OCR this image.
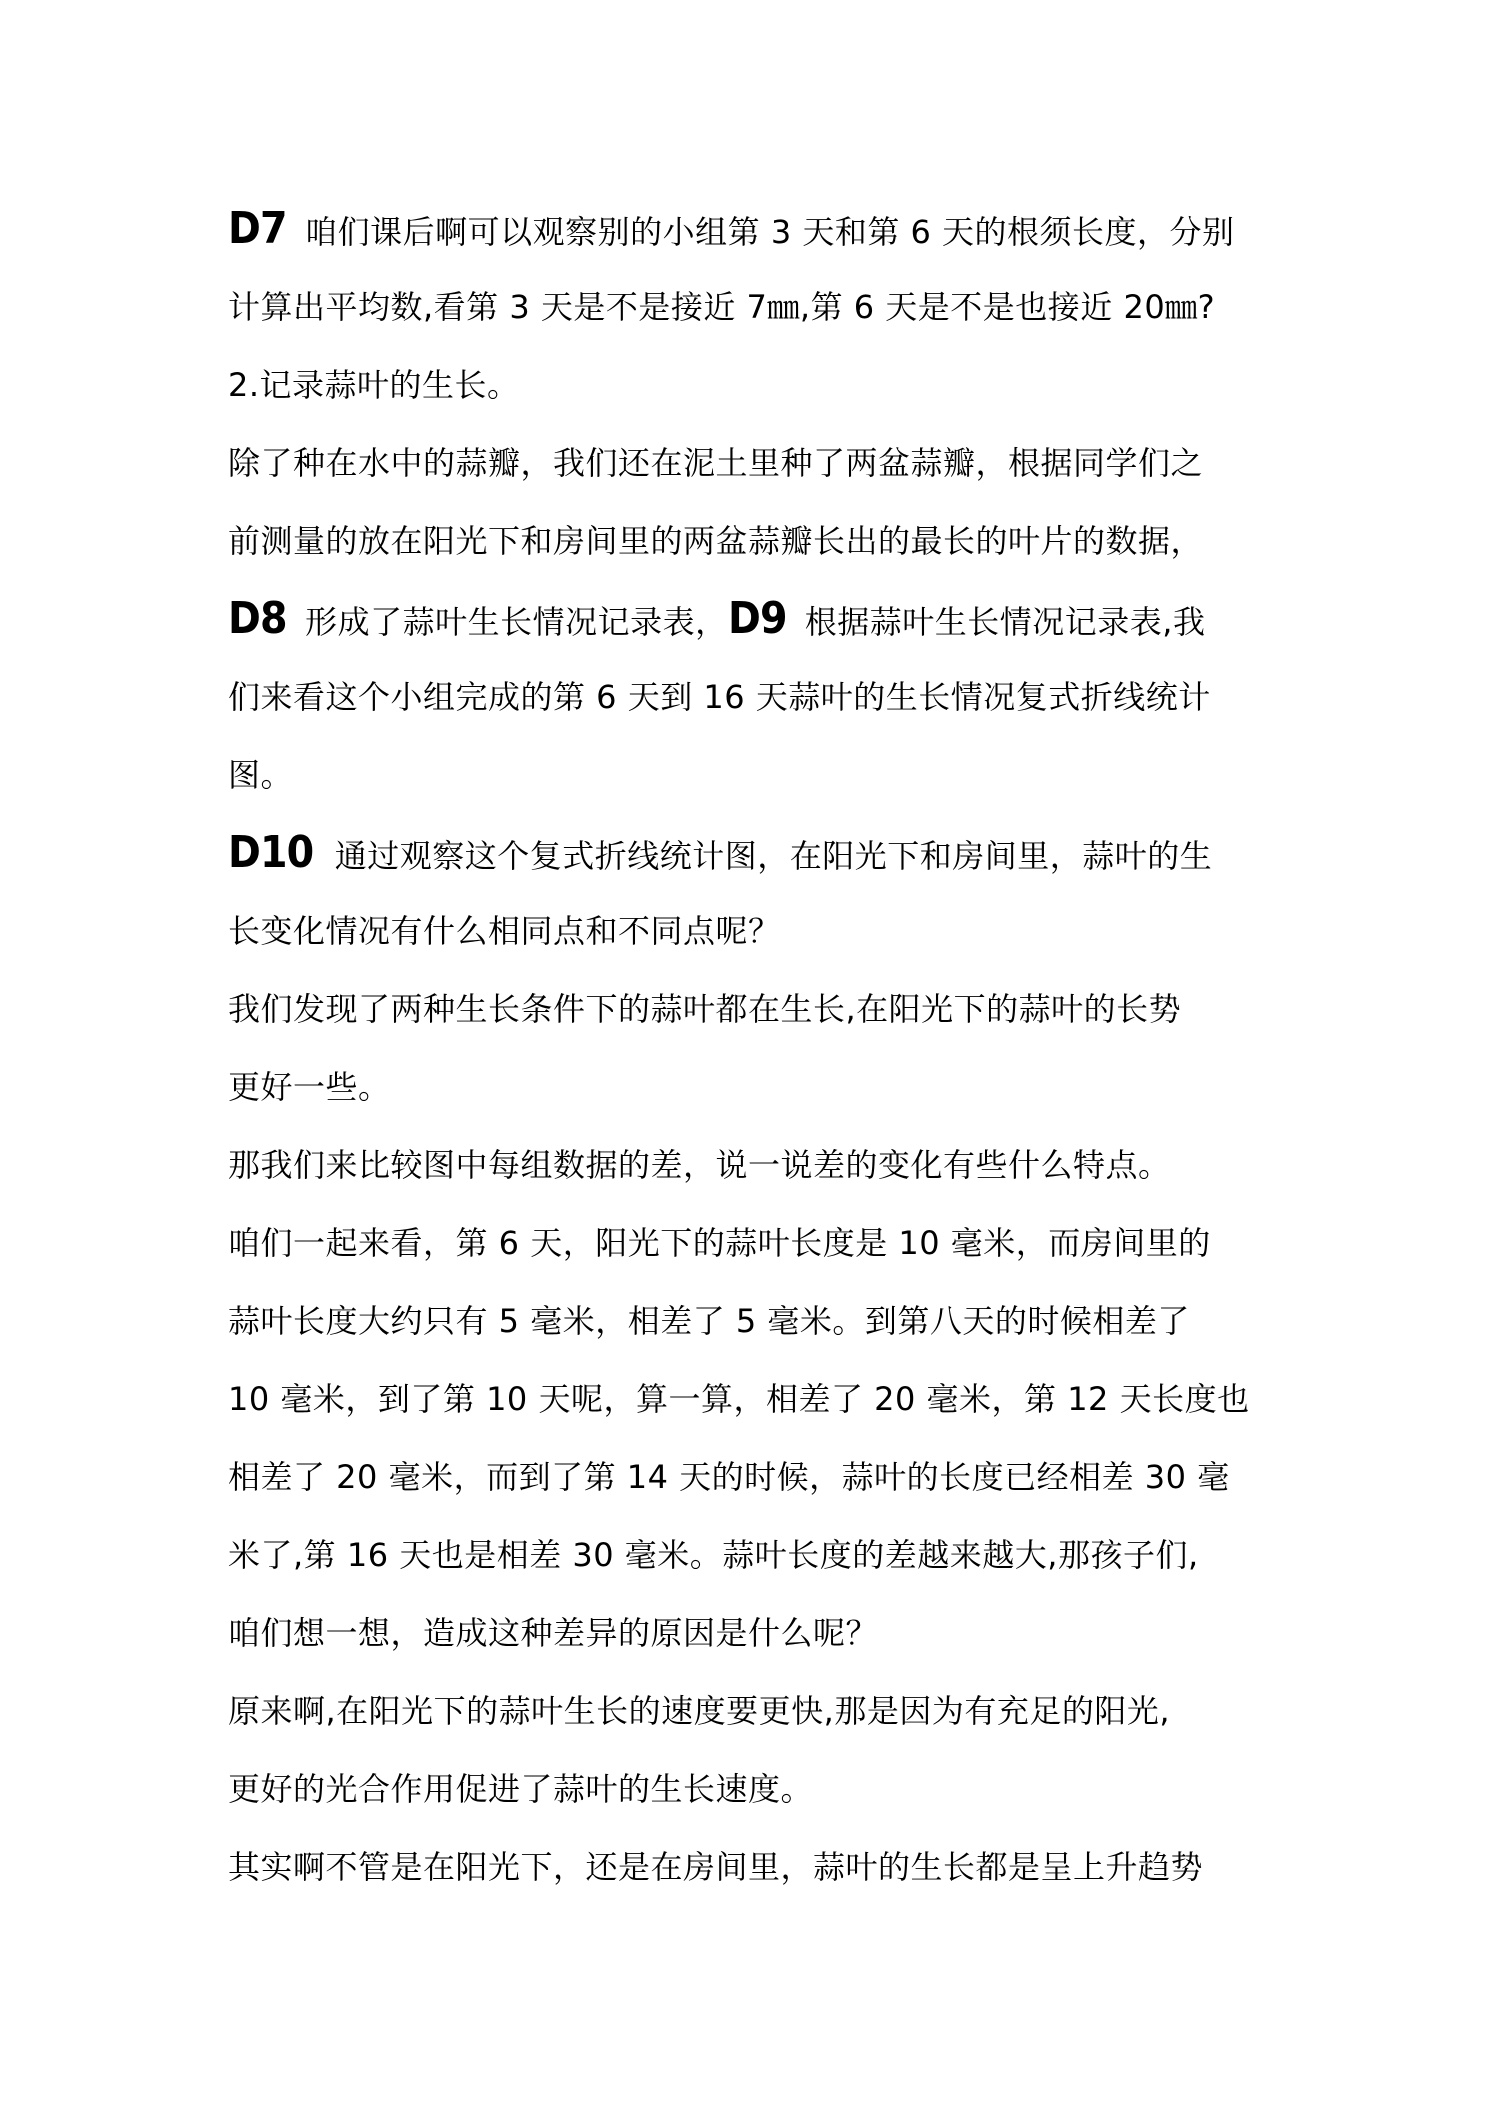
D7 咱们课后啊可以观察别的小组第 3 天和第 6 天的根须长度，分别
计算出平均数,看第 3 天是不是接近 7㎜,第 6 天是不是也接近 20㎜?
2.记录蒜叶的生长。
除了种在水中的蒜瓣，我们还在泥土里种了两盆蒜瓣，根据同学们之
前测量的放在阳光下和房间里的两盆蒜瓣长出的最长的叶片的数据，
D8 形成了蒜叶生长情况记录表，D9 根据蒜叶生长情况记录表,我
们来看这个小组完成的第 6 天到 16 天蒜叶的生长情况复式折线统计
图。
D10 通过观察这个复式折线统计图，在阳光下和房间里，蒜叶的生
长变化情况有什么相同点和不同点呢？
我们发现了两种生长条件下的蒜叶都在生长,在阳光下的蒜叶的长势
更好一些。
那我们来比较图中每组数据的差，说一说差的变化有些什么特点。
咱们一起来看，第 6 天，阳光下的蒜叶长度是 10 毫米，而房间里的
蒜叶长度大约只有 5 毫米，相差了 5 毫米。到第八天的时候相差了
10 毫米，到了第 10 天呢，算一算，相差了 20 毫米，第 12 天长度也
相差了 20 毫米，而到了第 14 天的时候，蒜叶的长度已经相差 30 毫
米了,第 16 天也是相差 30 毫米。蒜叶长度的差越来越大,那孩子们,
咱们想一想，造成这种差异的原因是什么呢？
原来啊,在阳光下的蒜叶生长的速度要更快,那是因为有充足的阳光,
更好的光合作用促进了蒜叶的生长速度。
其实啊不管是在阳光下，还是在房间里，蒜叶的生长都是呈上升趋势
